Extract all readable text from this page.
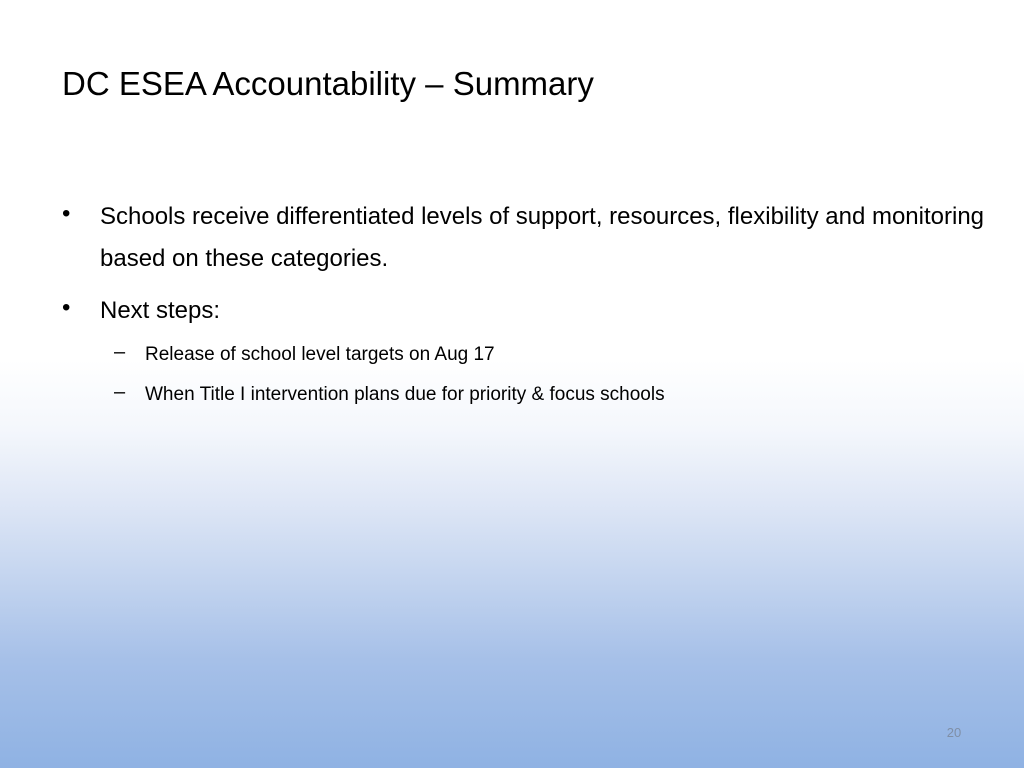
DC ESEA Accountability – Summary
•	Schools receive differentiated levels of support, resources, flexibility and monitoring based on these categories.
•	Next steps:
– Release of school level targets on Aug 17
– When Title I intervention plans due for priority & focus schools
20
